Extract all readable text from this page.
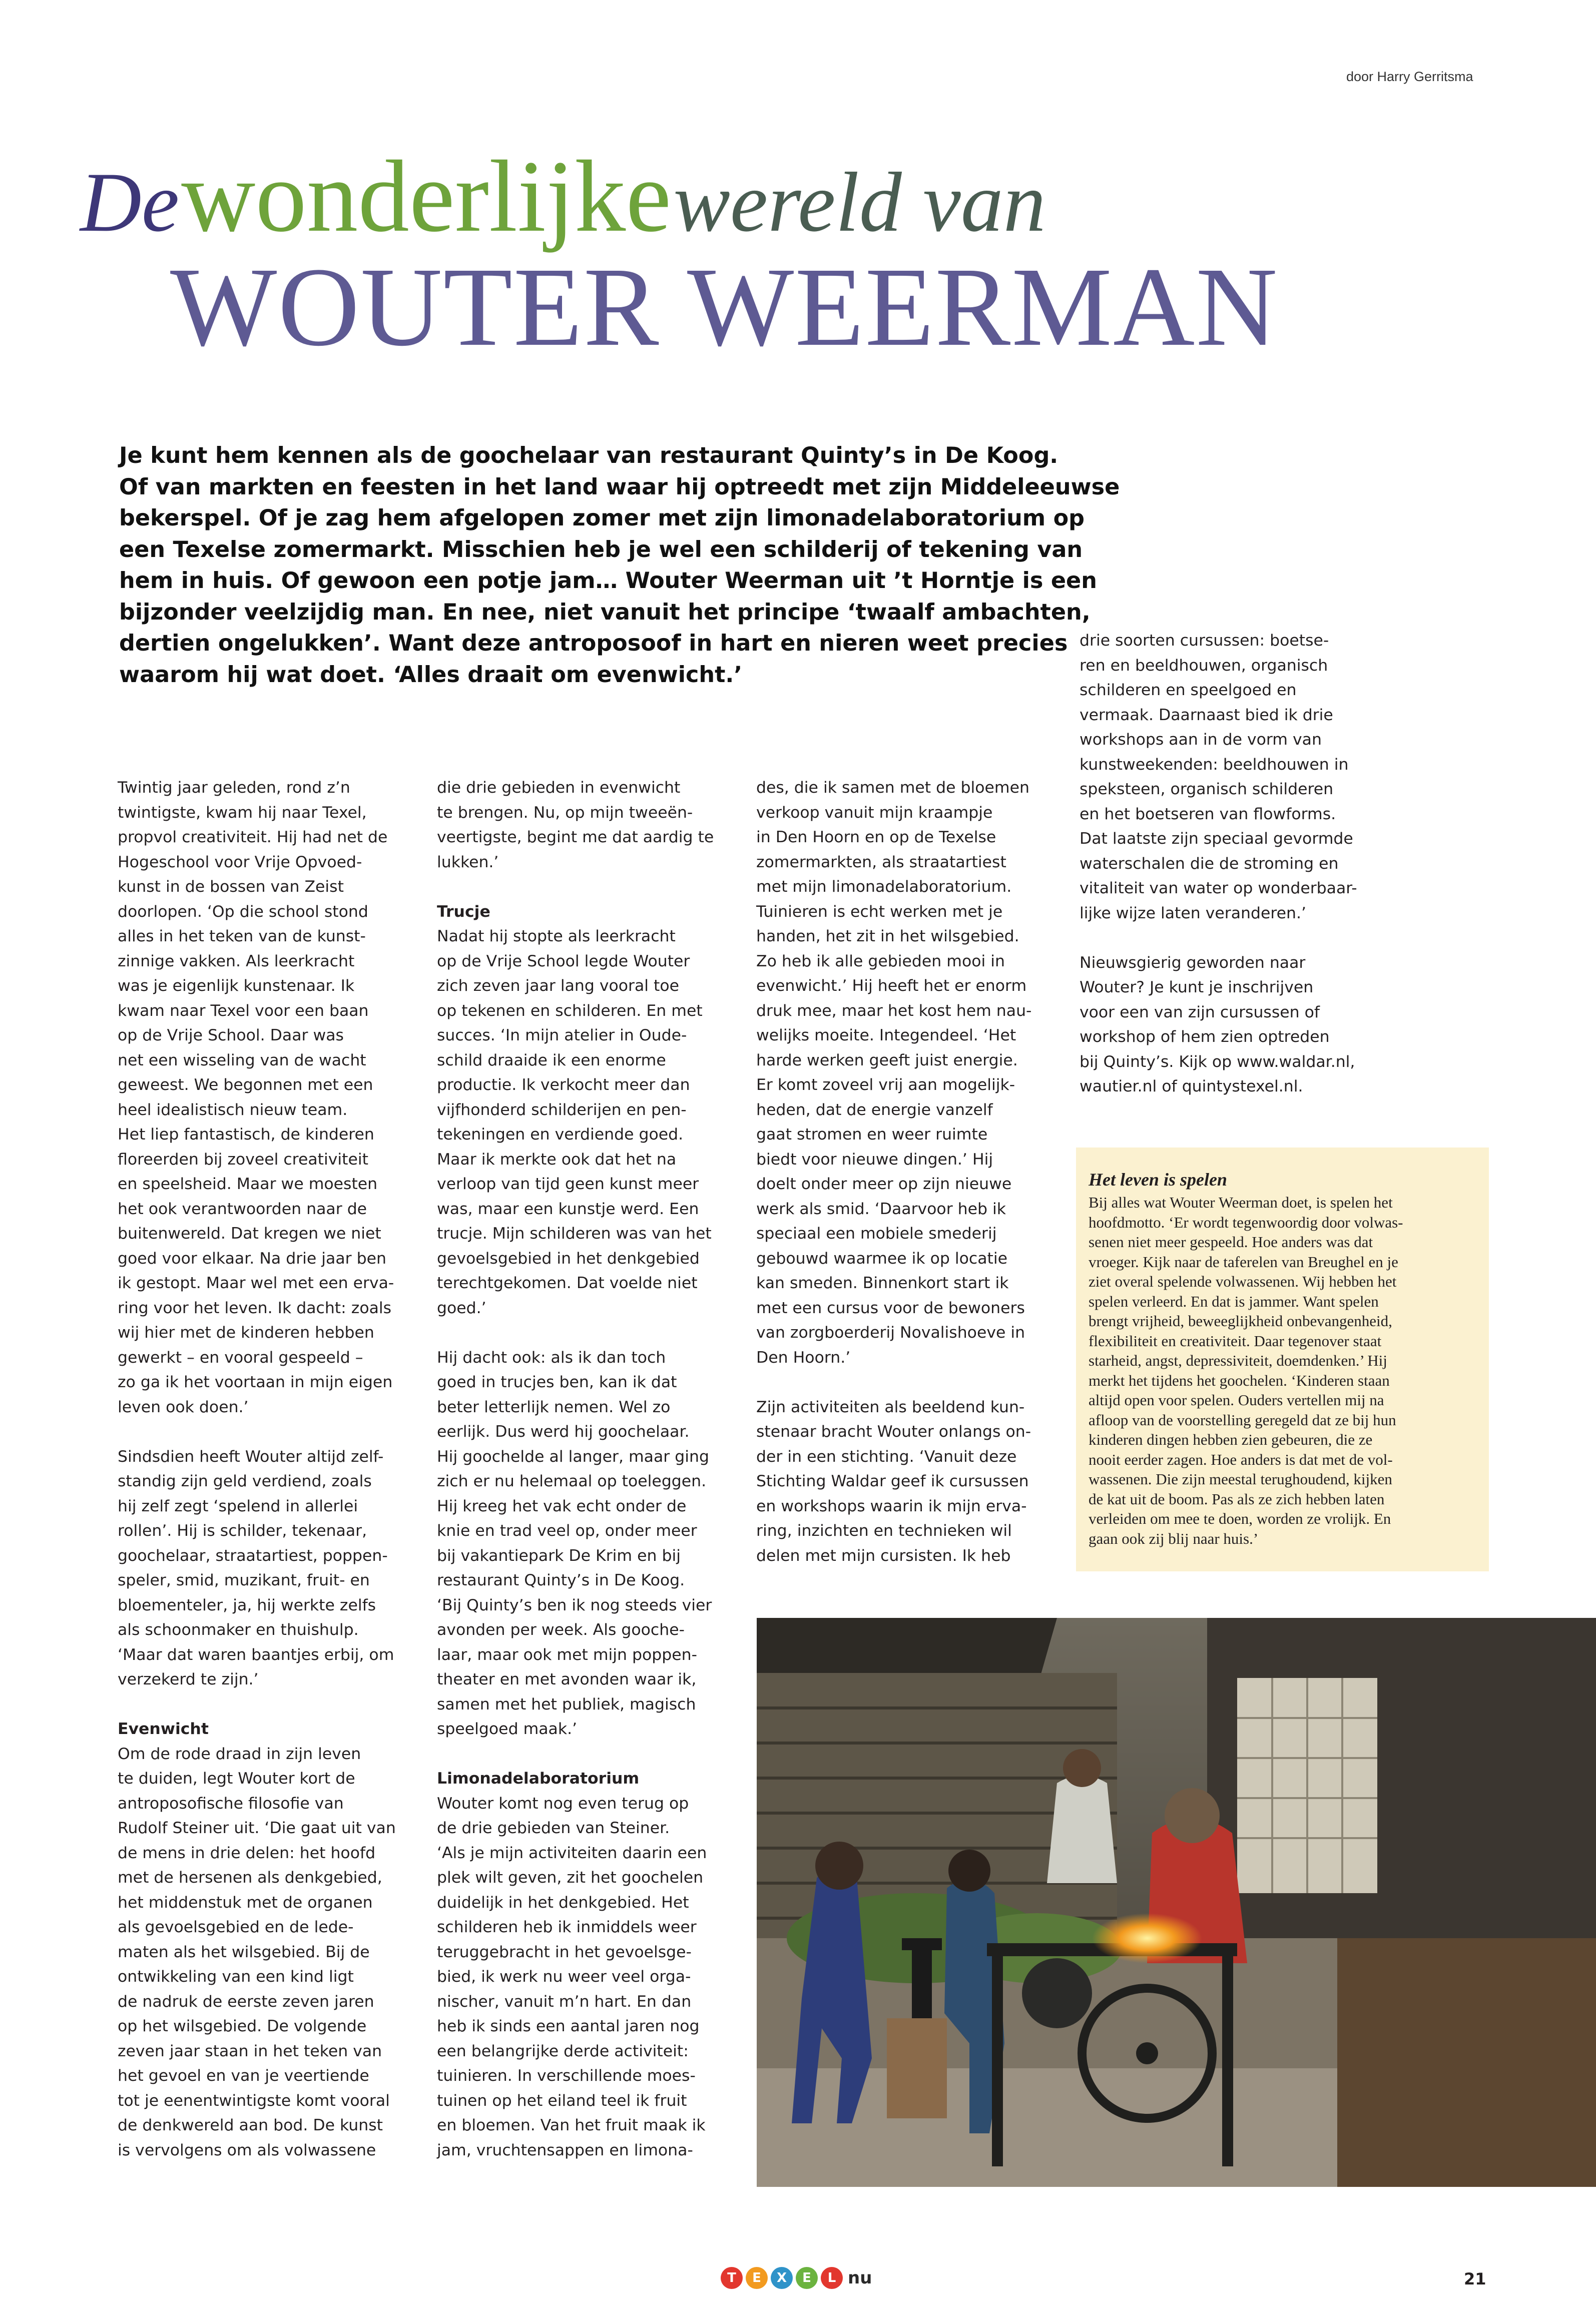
door Harry Gerritsma
De wonderlijke wereld van
WOUTER WEERMAN

Je kunt hem kennen als de goochelaar van restaurant Quinty’s in De Koog.

Of van markten en feesten in het land waar hij optreedt met zijn Middeleeuwse

bekerspel. Of je zag hem afgelopen zomer met zijn limonadelaboratorium op

een Texelse zomermarkt. Misschien heb je wel een schilderij of tekening van

hem in huis. Of gewoon een potje jam… Wouter Weerman uit ’t Horntje is een

bijzonder veelzijdig man. En nee, niet vanuit het principe ‘twaalf ambachten,

dertien ongelukken’. Want deze antroposoof in hart en nieren weet precies

waarom hij wat doet. ‘Alles draait om evenwicht.’

Twintig jaar geleden, rond z’n

twintigste, kwam hij naar Texel,

propvol creativiteit. Hij had net de

Hogeschool voor Vrije Opvoed-

kunst in de bossen van Zeist

doorlopen. ‘Op die school stond

alles in het teken van de kunst-

zinnige vakken. Als leerkracht

was je eigenlijk kunstenaar. Ik

kwam naar Texel voor een baan

op de Vrije School. Daar was

net een wisseling van de wacht

geweest. We begonnen met een

heel idealistisch nieuw team.

Het liep fantastisch, de kinderen

floreerden bij zoveel creativiteit

en speelsheid. Maar we moesten

het ook verantwoorden naar de

buitenwereld. Dat kregen we niet

goed voor elkaar. Na drie jaar ben

ik gestopt. Maar wel met een erva-

ring voor het leven. Ik dacht: zoals

wij hier met de kinderen hebben

gewerkt – en vooral gespeeld –

zo ga ik het voortaan in mijn eigen

leven ook doen.’

Sindsdien heeft Wouter altijd zelf-

standig zijn geld verdiend, zoals

hij zelf zegt ‘spelend in allerlei

rollen’. Hij is schilder, tekenaar,

goochelaar, straatartiest, poppen-

speler, smid, muzikant, fruit- en

bloementeler, ja, hij werkte zelfs

als schoonmaker en thuishulp.

‘Maar dat waren baantjes erbij, om

verzekerd te zijn.’

Evenwicht

Om de rode draad in zijn leven

te duiden, legt Wouter kort de

antroposofische filosofie van

Rudolf Steiner uit. ‘Die gaat uit van

de mens in drie delen: het hoofd

met de hersenen als denkgebied,

het middenstuk met de organen

als gevoelsgebied en de lede-

maten als het wilsgebied. Bij de

ontwikkeling van een kind ligt

de nadruk de eerste zeven jaren

op het wilsgebied. De volgende

zeven jaar staan in het teken van

het gevoel en van je veertiende

tot je eenentwintigste komt vooral

de denkwereld aan bod. De kunst

is vervolgens om als volwassene

die drie gebieden in evenwicht

te brengen. Nu, op mijn tweeën-

veertigste, begint me dat aardig te

lukken.’

Trucje

Nadat hij stopte als leerkracht

op de Vrije School legde Wouter

zich zeven jaar lang vooral toe

op tekenen en schilderen. En met

succes. ‘In mijn atelier in Oude-

schild draaide ik een enorme

productie. Ik verkocht meer dan

vijfhonderd schilderijen en pen-

tekeningen en verdiende goed.

Maar ik merkte ook dat het na

verloop van tijd geen kunst meer

was, maar een kunstje werd. Een

trucje. Mijn schilderen was van het

gevoelsgebied in het denkgebied

terechtgekomen. Dat voelde niet

goed.’

Hij dacht ook: als ik dan toch

goed in trucjes ben, kan ik dat

beter letterlijk nemen. Wel zo

eerlijk. Dus werd hij goochelaar.

Hij goochelde al langer, maar ging

zich er nu helemaal op toeleggen.

Hij kreeg het vak echt onder de

knie en trad veel op, onder meer

bij vakantiepark De Krim en bij

restaurant Quinty’s in De Koog.

‘Bij Quinty’s ben ik nog steeds vier

avonden per week. Als gooche-

laar, maar ook met mijn poppen-

theater en met avonden waar ik,

samen met het publiek, magisch

speelgoed maak.’

Limonadelaboratorium

Wouter komt nog even terug op

de drie gebieden van Steiner.

‘Als je mijn activiteiten daarin een

plek wilt geven, zit het goochelen

duidelijk in het denkgebied. Het

schilderen heb ik inmiddels weer

teruggebracht in het gevoelsge-

bied, ik werk nu weer veel orga-

nischer, vanuit m’n hart. En dan

heb ik sinds een aantal jaren nog

een belangrijke derde activiteit:

tuinieren. In verschillende moes-

tuinen op het eiland teel ik fruit

en bloemen. Van het fruit maak ik

jam, vruchtensappen en limona-

des, die ik samen met de bloemen

verkoop vanuit mijn kraampje

in Den Hoorn en op de Texelse

zomermarkten, als straatartiest

met mijn limonadelaboratorium.

Tuinieren is echt werken met je

handen, het zit in het wilsgebied.

Zo heb ik alle gebieden mooi in

evenwicht.’ Hij heeft het er enorm

druk mee, maar het kost hem nau-

welijks moeite. Integendeel. ‘Het

harde werken geeft juist energie.

Er komt zoveel vrij aan mogelijk-

heden, dat de energie vanzelf

gaat stromen en weer ruimte

biedt voor nieuwe dingen.’ Hij

doelt onder meer op zijn nieuwe

werk als smid. ‘Daarvoor heb ik

speciaal een mobiele smederij

gebouwd waarmee ik op locatie

kan smeden. Binnenkort start ik

met een cursus voor de bewoners

van zorgboerderij Novalishoeve in

Den Hoorn.’

Zijn activiteiten als beeldend kun-

stenaar bracht Wouter onlangs on-

der in een stichting. ‘Vanuit deze

Stichting Waldar geef ik cursussen

en workshops waarin ik mijn erva-

ring, inzichten en technieken wil

delen met mijn cursisten. Ik heb

drie soorten cursussen: boetse-

ren en beeldhouwen, organisch

schilderen en speelgoed en

vermaak. Daarnaast bied ik drie

workshops aan in de vorm van

kunstweekenden: beeldhouwen in

speksteen, organisch schilderen

en het boetseren van flowforms.

Dat laatste zijn speciaal gevormde

waterschalen die de stroming en

vitaliteit van water op wonderbaar-

lijke wijze laten veranderen.’

Nieuwsgierig geworden naar

Wouter? Je kunt je inschrijven

voor een van zijn cursussen of

workshop of hem zien optreden

bij Quinty’s. Kijk op www.waldar.nl,

wautier.nl of quintystexel.nl.

Het leven is spelen

Bij alles wat Wouter Weerman doet, is spelen het

hoofdmotto. ‘Er wordt tegenwoordig door volwas-

senen niet meer gespeeld. Hoe anders was dat

vroeger. Kijk naar de taferelen van Breughel en je

ziet overal spelende volwassenen. Wij hebben het

spelen verleerd. En dat is jammer. Want spelen

brengt vrijheid, beweeglijkheid onbevangenheid,

flexibiliteit en creativiteit. Daar tegenover staat

starheid, angst, depressiviteit, doemdenken.’ Hij

merkt het tijdens het goochelen. ‘Kinderen staan

altijd open voor spelen. Ouders vertellen mij na

afloop van de voorstelling geregeld dat ze bij hun

kinderen dingen hebben zien gebeuren, die ze

nooit eerder zagen. Hoe anders is dat met de vol-

wassenen. Die zijn meestal terughoudend, kijken

de kat uit de boom. Pas als ze zich hebben laten

verleiden om mee te doen, worden ze vrolijk. En

gaan ook zij blij naar huis.’

T	E	X	E	L nu	21
